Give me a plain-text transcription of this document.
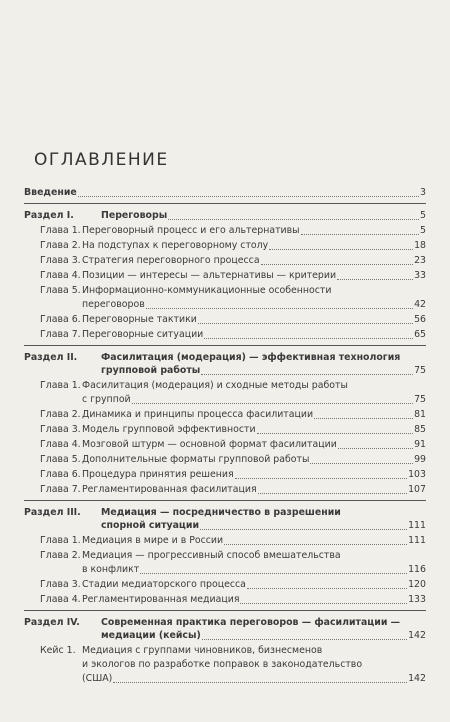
ОГЛАВЛЕНИЕ
Введение	3
Раздел I.	Переговоры	5
Глава 1. Переговорный процесс и его альтернативы	5
Глава 2. На подступах к переговорному столу	18
Глава 3. Стратегия переговорного процесса	23
Глава 4. Позиции — интересы — альтернативы — критерии	33
Глава 5. Информационно-коммуникационные особенности
переговоров	42
Глава 6. Переговорные тактики	56
Глава 7. Переговорные ситуации	65
Раздел II.	Фасилитация (модерация) — эффективная технология
групповой работы	75
Глава 1. Фасилитация (модерация) и сходные методы работы
с группой	75
Глава 2. Динамика и принципы процесса фасилитации	81
Глава 3. Модель групповой эффективности	85
Глава 4. Мозговой штурм — основной формат фасилитации	91
Глава 5. Дополнительные форматы групповой работы	99
Глава 6. Процедура принятия решения	103
Глава 7. Регламентированная фасилитация	107
Раздел III.	Медиация — посредничество в разрешении
спорной ситуации	111
Глава 1. Медиация в мире и в России	111
Глава 2. Медиация — прогрессивный способ вмешательства
в конфликт	116
Глава 3. Стадии медиаторского процесса	120
Глава 4. Регламентированная медиация	133
Раздел IV.	Современная практика переговоров — фасилитации —
медиации (кейсы)	142
Кейс 1. Медиация с группами чиновников, бизнесменов
и экологов по разработке поправок в законодательство
(США)	142
